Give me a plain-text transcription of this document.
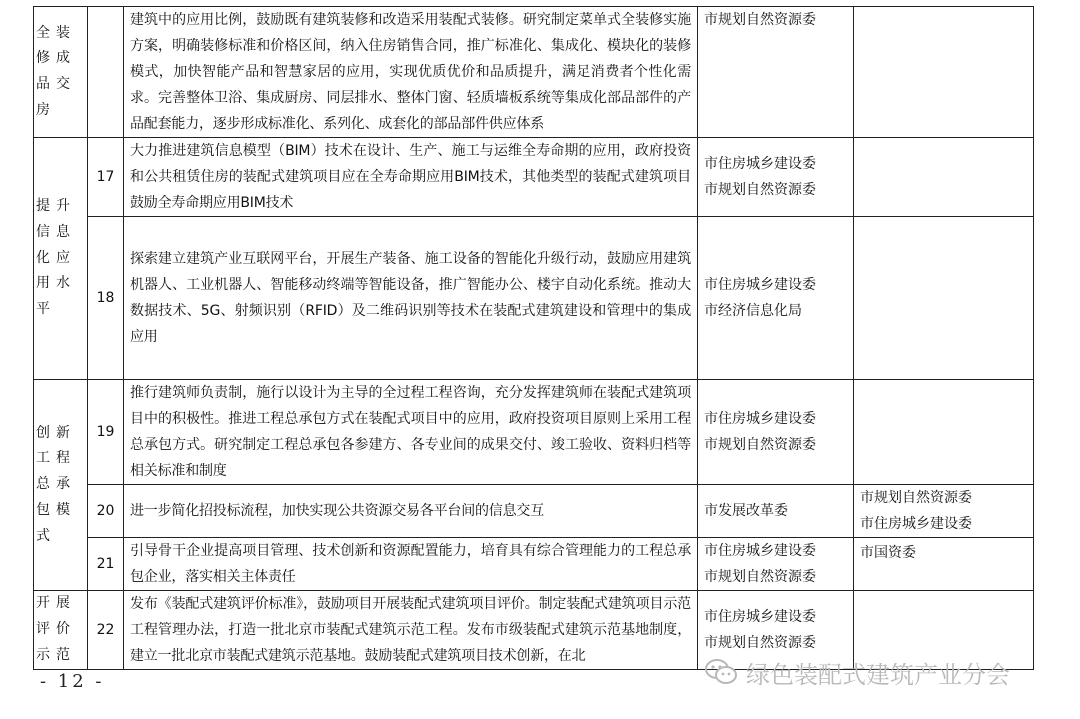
全装修成品交房		建筑中的应用比例，鼓励既有建筑装修和改造采用装配式装修。研究制定菜单式全装修实施方案，明确装修标准和价格区间，纳入住房销售合同，推广标准化、集成化、模块化的装修模式，加快智能产品和智慧家居的应用，实现优质优价和品质提升，满足消费者个性化需求。完善整体卫浴、集成厨房、同层排水、整体门窗、轻质墙板系统等集成化部品部件的产品配套能力，逐步形成标准化、系列化、成套化的部品部件供应体系	市规划自然资源委	

提升信息化应用水平	17	大力推进建筑信息模型（BIM）技术在设计、生产、施工与运维全寿命期的应用，政府投资和公共租赁住房的装配式建筑项目应在全寿命期应用BIM技术，其他类型的装配式建筑项目鼓励全寿命期应用BIM技术	市住房城乡建设委
市规划自然资源委	

	18	探索建立建筑产业互联网平台，开展生产装备、施工设备的智能化升级行动，鼓励应用建筑机器人、工业机器人、智能移动终端等智能设备，推广智能办公、楼宇自动化系统。推动大数据技术、5G、射频识别（RFID）及二维码识别等技术在装配式建筑建设和管理中的集成应用	市住房城乡建设委
市经济信息化局	

创新工程总承包模式	19	推行建筑师负责制，施行以设计为主导的全过程工程咨询，充分发挥建筑师在装配式建筑项目中的积极性。推进工程总承包方式在装配式项目中的应用，政府投资项目原则上采用工程总承包方式。研究制定工程总承包各参建方、各专业间的成果交付、竣工验收、资料归档等相关标准和制度	市住房城乡建设委
市规划自然资源委	

	20	进一步简化招投标流程，加快实现公共资源交易各平台间的信息交互	市发展改革委	市规划自然资源委
市住房城乡建设委

	21	引导骨干企业提高项目管理、技术创新和资源配置能力，培育具有综合管理能力的工程总承包企业，落实相关主体责任	市住房城乡建设委
市规划自然资源委	市国资委

开展评价示范	22	发布《装配式建筑评价标准》，鼓励项目开展装配式建筑项目评价。制定装配式建筑项目示范工程管理办法，打造一批北京市装配式建筑示范工程。发布市级装配式建筑示范基地制度，建立一批北京市装配式建筑示范基地。鼓励装配式建筑项目技术创新，在北	市住房城乡建设委
市规划自然资源委	

- 12 -	绿色装配式建筑产业分会
